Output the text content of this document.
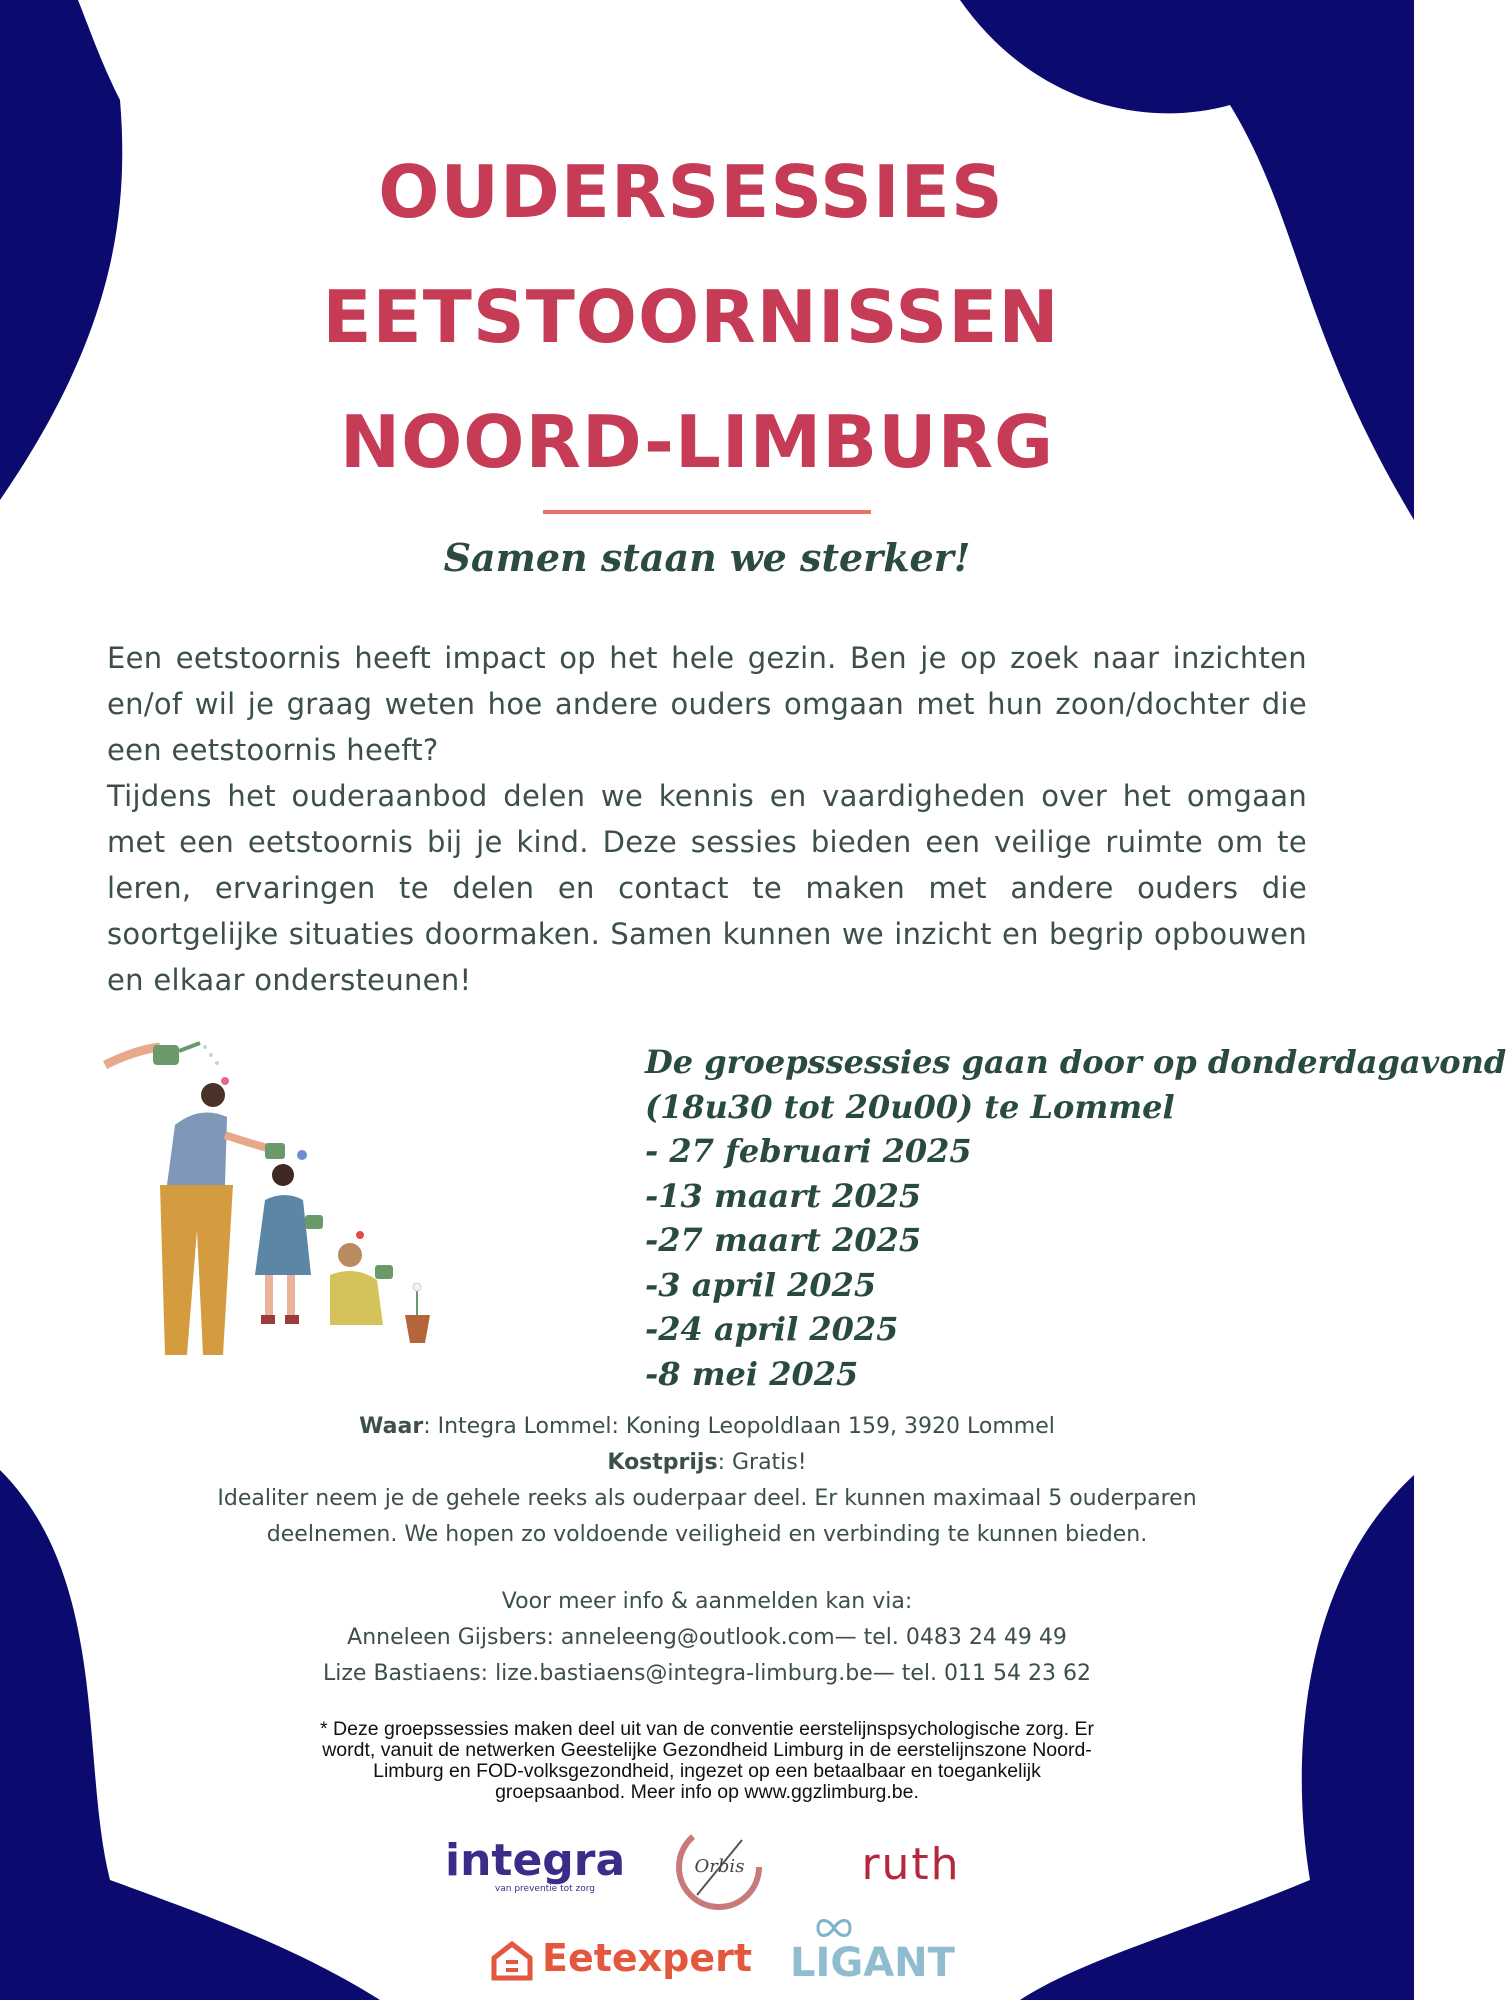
OUDERSESSIES
EETSTOORNISSEN
NOORD-LIMBURG
Samen staan we sterker!

Een eetstoornis heeft impact op het hele gezin. Ben je op zoek naar inzichten en/of wil je graag weten hoe andere ouders omgaan met hun zoon/dochter die een eetstoornis heeft?

Tijdens het ouderaanbod delen we kennis en vaardigheden over het omgaan met een eetstoornis bij je kind. Deze sessies bieden een veilige ruimte om te leren, ervaringen te delen en contact te maken met andere ouders die soortgelijke situaties doormaken. Samen kunnen we inzicht en begrip opbouwen en elkaar ondersteunen!

De groepssessies gaan door op donderdagavond
(18u30 tot 20u00) te Lommel
- 27 februari 2025
-13 maart 2025
-27 maart 2025
-3 april 2025
-24 april 2025
-8 mei 2025
Waar: Integra Lommel: Koning Leopoldlaan 159, 3920 Lommel
Kostprijs: Gratis!
Idealiter neem je de gehele reeks als ouderpaar deel. Er kunnen maximaal 5 ouderparen
deelnemen. We hopen zo voldoende veiligheid en verbinding te kunnen bieden.
Voor meer info & aanmelden kan via:
Anneleen Gijsbers: anneleeng@outlook.com— tel. 0483 24 49 49
Lize Bastiaens: lize.bastiaens@integra-limburg.be— tel. 011 54 23 62
* Deze groepssessies maken deel uit van de conventie eerstelijnspsychologische zorg. Er
wordt, vanuit de netwerken Geestelijke Gezondheid Limburg in de eerstelijnszone Noord-
Limburg en FOD-volksgezondheid, ingezet op een betaalbaar en toegankelijk
groepsaanbod. Meer info op www.ggzlimburg.be.
integra
van preventie tot zorg
Orbis	ruth
Eetexpert LIGANT
